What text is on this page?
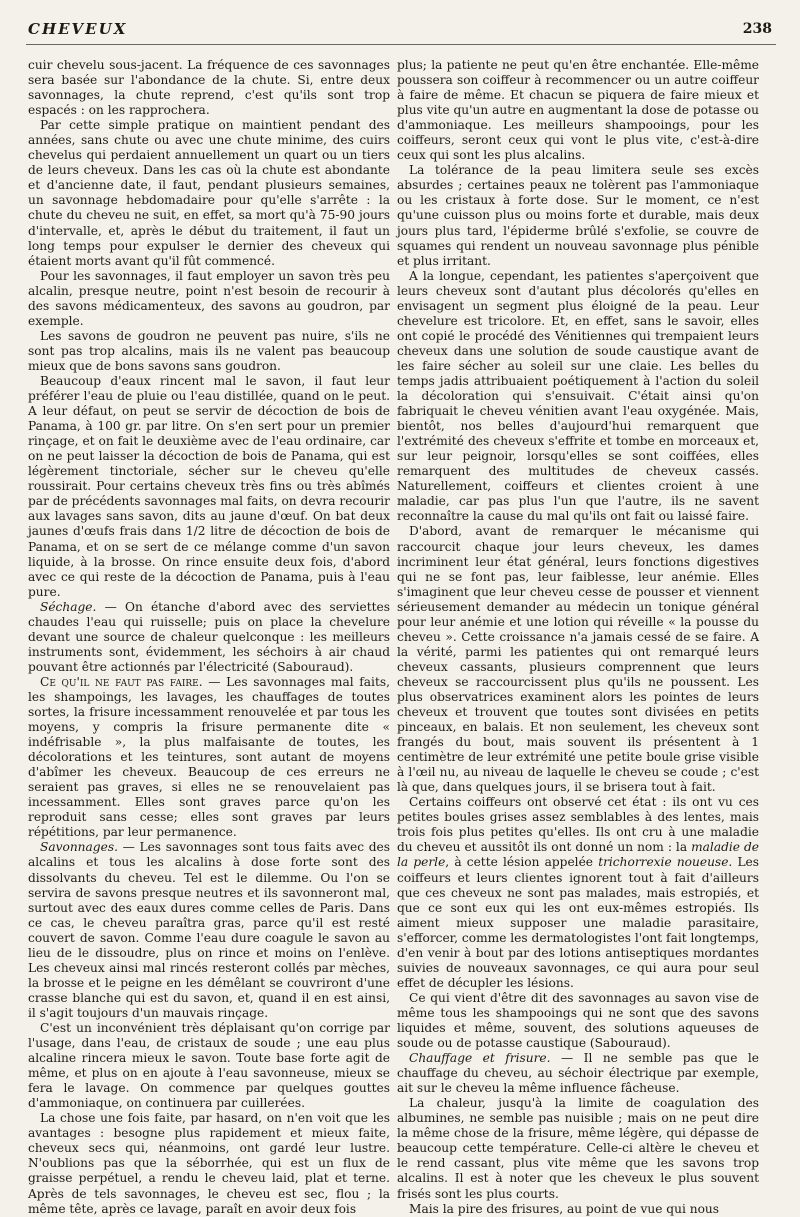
CHEVEUX	238

cuir chevelu sous-jacent. La fréquence de ces savonnages sera basée sur l'abondance de la chute. Si, entre deux savonnages, la chute reprend, c'est qu'ils sont trop espacés : on les rapprochera.

Par cette simple pratique on maintient pendant des années, sans chute ou avec une chute minime, des cuirs chevelus qui perdaient annuellement un quart ou un tiers de leurs cheveux. Dans les cas où la chute est abondante et d'ancienne date, il faut, pendant plusieurs semaines, un savonnage hebdomadaire pour qu'elle s'arrête : la chute du cheveu ne suit, en effet, sa mort qu'à 75-90 jours d'intervalle, et, après le début du traitement, il faut un long temps pour expulser le dernier des cheveux qui étaient morts avant qu'il fût commencé.

Pour les savonnages, il faut employer un savon très peu alcalin, presque neutre, point n'est besoin de recourir à des savons médicamenteux, des savons au goudron, par exemple.

Les savons de goudron ne peuvent pas nuire, s'ils ne sont pas trop alcalins, mais ils ne valent pas beaucoup mieux que de bons savons sans goudron.

Beaucoup d'eaux rincent mal le savon, il faut leur préférer l'eau de pluie ou l'eau distillée, quand on le peut. A leur défaut, on peut se servir de décoction de bois de Panama, à 100 gr. par litre. On s'en sert pour un premier rinçage, et on fait le deuxième avec de l'eau ordinaire, car on ne peut laisser la décoction de bois de Panama, qui est légèrement tinctoriale, sécher sur le cheveu qu'elle roussirait. Pour certains cheveux très fins ou très abîmés par de précédents savonnages mal faits, on devra recourir aux lavages sans savon, dits au jaune d'œuf. On bat deux jaunes d'œufs frais dans 1/2 litre de décoction de bois de Panama, et on se sert de ce mélange comme d'un savon liquide, à la brosse. On rince ensuite deux fois, d'abord avec ce qui reste de la décoction de Panama, puis à l'eau pure.

Séchage. — On étanche d'abord avec des serviettes chaudes l'eau qui ruisselle; puis on place la chevelure devant une source de chaleur quelconque : les meilleurs instruments sont, évidemment, les séchoirs à air chaud pouvant être actionnés par l'électricité (Sabouraud).

Ce qu'il ne faut pas faire. — Les savonnages mal faits, les shampoings, les lavages, les chauffages de toutes sortes, la frisure incessamment renouvelée et par tous les moyens, y compris la frisure permanente dite « indéfrisable », la plus malfaisante de toutes, les décolorations et les teintures, sont autant de moyens d'abîmer les cheveux. Beaucoup de ces erreurs ne seraient pas graves, si elles ne se renouvelaient pas incessamment. Elles sont graves parce qu'on les reproduit sans cesse; elles sont graves par leurs répétitions, par leur permanence.

Savonnages. — Les savonnages sont tous faits avec des alcalins et tous les alcalins à dose forte sont des dissolvants du cheveu. Tel est le dilemme. Ou l'on se servira de savons presque neutres et ils savonneront mal, surtout avec des eaux dures comme celles de Paris. Dans ce cas, le cheveu paraîtra gras, parce qu'il est resté couvert de savon. Comme l'eau dure coagule le savon au lieu de le dissoudre, plus on rince et moins on l'enlève. Les cheveux ainsi mal rincés resteront collés par mèches, la brosse et le peigne en les démêlant se couvriront d'une crasse blanche qui est du savon, et, quand il en est ainsi, il s'agit toujours d'un mauvais rinçage.

C'est un inconvénient très déplaisant qu'on corrige par l'usage, dans l'eau, de cristaux de soude ; une eau plus alcaline rincera mieux le savon. Toute base forte agit de même, et plus on en ajoute à l'eau savonneuse, mieux se fera le lavage. On commence par quelques gouttes d'ammoniaque, on continuera par cuillerées.

La chose une fois faite, par hasard, on n'en voit que les avantages : besogne plus rapidement et mieux faite, cheveux secs qui, néanmoins, ont gardé leur lustre. N'oublions pas que la séborrhée, qui est un flux de graisse perpétuel, a rendu le cheveu laid, plat et terne. Après de tels savonnages, le cheveu est sec, flou ; la même tête, après ce lavage, paraît en avoir deux fois

plus; la patiente ne peut qu'en être enchantée. Elle-même poussera son coiffeur à recommencer ou un autre coiffeur à faire de même. Et chacun se piquera de faire mieux et plus vite qu'un autre en augmentant la dose de potasse ou d'ammoniaque. Les meilleurs shampooings, pour les coiffeurs, seront ceux qui vont le plus vite, c'est-à-dire ceux qui sont les plus alcalins.

La tolérance de la peau limitera seule ses excès absurdes ; certaines peaux ne tolèrent pas l'ammoniaque ou les cristaux à forte dose. Sur le moment, ce n'est qu'une cuisson plus ou moins forte et durable, mais deux jours plus tard, l'épiderme brûlé s'exfolie, se couvre de squames qui rendent un nouveau savonnage plus pénible et plus irritant.

A la longue, cependant, les patientes s'aperçoivent que leurs cheveux sont d'autant plus décolorés qu'elles en envisagent un segment plus éloigné de la peau. Leur chevelure est tricolore. Et, en effet, sans le savoir, elles ont copié le procédé des Vénitiennes qui trempaient leurs cheveux dans une solution de soude caustique avant de les faire sécher au soleil sur une claie. Les belles du temps jadis attribuaient poétiquement à l'action du soleil la décoloration qui s'ensuivait. C'était ainsi qu'on fabriquait le cheveu vénitien avant l'eau oxygénée. Mais, bientôt, nos belles d'aujourd'hui remarquent que l'extrémité des cheveux s'effrite et tombe en morceaux et, sur leur peignoir, lorsqu'elles se sont coiffées, elles remarquent des multitudes de cheveux cassés. Naturellement, coiffeurs et clientes croient à une maladie, car pas plus l'un que l'autre, ils ne savent reconnaître la cause du mal qu'ils ont fait ou laissé faire.

D'abord, avant de remarquer le mécanisme qui raccourcit chaque jour leurs cheveux, les dames incriminent leur état général, leurs fonctions digestives qui ne se font pas, leur faiblesse, leur anémie. Elles s'imaginent que leur cheveu cesse de pousser et viennent sérieusement demander au médecin un tonique général pour leur anémie et une lotion qui réveille « la pousse du cheveu ». Cette croissance n'a jamais cessé de se faire. A la vérité, parmi les patientes qui ont remarqué leurs cheveux cassants, plusieurs comprennent que leurs cheveux se raccourcissent plus qu'ils ne poussent. Les plus observatrices examinent alors les pointes de leurs cheveux et trouvent que toutes sont divisées en petits pinceaux, en balais. Et non seulement, les cheveux sont frangés du bout, mais souvent ils présentent à 1 centimètre de leur extrémité une petite boule grise visible à l'œil nu, au niveau de laquelle le cheveu se coude ; c'est là que, dans quelques jours, il se brisera tout à fait.

Certains coiffeurs ont observé cet état : ils ont vu ces petites boules grises assez semblables à des lentes, mais trois fois plus petites qu'elles. Ils ont cru à une maladie du cheveu et aussitôt ils ont donné un nom : la maladie de la perle, à cette lésion appelée trichorrexie noueuse. Les coiffeurs et leurs clientes ignorent tout à fait d'ailleurs que ces cheveux ne sont pas malades, mais estropiés, et que ce sont eux qui les ont eux-mêmes estropiés. Ils aiment mieux supposer une maladie parasitaire, s'efforcer, comme les dermatologistes l'ont fait longtemps, d'en venir à bout par des lotions antiseptiques mordantes suivies de nouveaux savonnages, ce qui aura pour seul effet de décupler les lésions.

Ce qui vient d'être dit des savonnages au savon vise de même tous les shampooings qui ne sont que des savons liquides et même, souvent, des solutions aqueuses de soude ou de potasse caustique (Sabouraud).

Chauffage et frisure. — Il ne semble pas que le chauffage du cheveu, au séchoir électrique par exemple, ait sur le cheveu la même influence fâcheuse.

La chaleur, jusqu'à la limite de coagulation des albumines, ne semble pas nuisible ; mais on ne peut dire la même chose de la frisure, même légère, qui dépasse de beaucoup cette température. Celle-ci altère le cheveu et le rend cassant, plus vite même que les savons trop alcalins. Il est à noter que les cheveux le plus souvent frisés sont les plus courts.

Mais la pire des frisures, au point de vue qui nous
